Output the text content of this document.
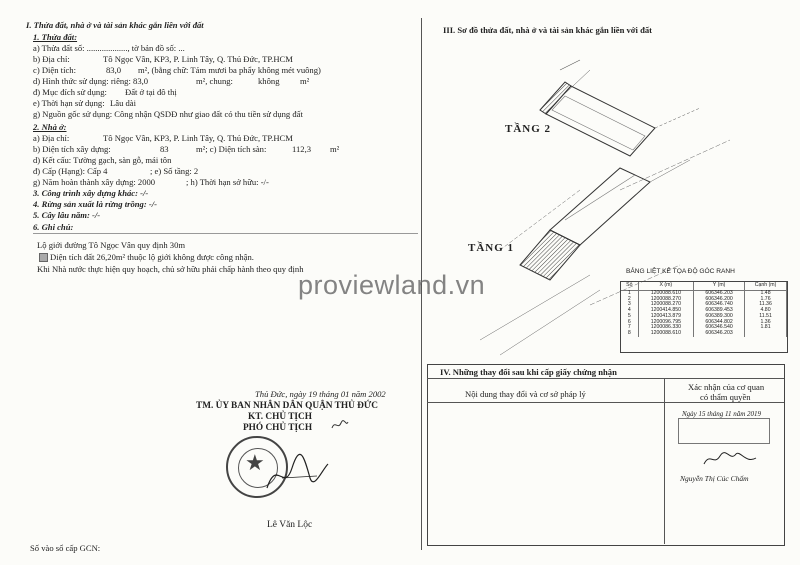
I. Thửa đất, nhà ở và tài sản khác gắn liền với đất
1. Thửa đất:
a) Thửa đất số: ..................., tờ bản đồ số: ...
b) Địa chỉ:	Tô Ngọc Vân, KP3, P. Linh Tây, Q. Thủ Đức, TP.HCM
c) Diện tích:	83,0 m², (bằng chữ: Tám mươi ba phẩy không mét vuông)
d) Hình thức sử dụng: riêng: 83,0	m², chung:	không m²
đ) Mục đích sử dụng: Đất ở tại đô thị
e) Thời hạn sử dụng: Lâu dài
g) Nguồn gốc sử dụng: Công nhận QSDĐ như giao đất có thu tiền sử dụng đất
2. Nhà ở:
a) Địa chỉ:	Tô Ngọc Vân, KP3, P. Linh Tây, Q. Thủ Đức, TP.HCM
b) Diện tích xây dựng:	83	m²; c) Diện tích sàn:	112,3 m²
d) Kết cấu: Tường gạch, sàn gỗ, mái tôn
đ) Cấp (Hạng): Cấp 4	; e) Số tầng: 2
g) Năm hoàn thành xây dựng: 2000	; h) Thời hạn sở hữu: -/-
3. Công trình xây dựng khác: -/-
4. Rừng sản xuất là rừng trồng: -/-
5. Cây lâu năm: -/-
6. Ghi chú:
Lộ giới đường Tô Ngọc Vân quy định 30m
Diện tích đất 26,20m² thuộc lộ giới không được công nhận.
Khi Nhà nước thực hiện quy hoạch, chủ sở hữu phải chấp hành theo quy định
Thủ Đức, ngày 19 tháng 01 năm 2002
TM. ỦY BAN NHÂN DÂN QUẬN THỦ ĐỨC
KT. CHỦ TỊCH
PHÓ CHỦ TỊCH
★
Lê Văn Lộc
Số vào sổ cấp GCN:
III. Sơ đồ thửa đất, nhà ở và tài sản khác gắn liền với đất
TẦNG 2
TẦNG 1
proviewland.vn	BẢNG LIỆT KÊ TỌA ĐỘ GÓC RANH
Số	X (m)	Y (m)	Cạnh (m)
1	1200088.610	606346.203	1.48
2	1200088.270	606346.200	1.76
3	1200088.270	606346.740	11.36
4	1200414.850	606389.453	4.80
5	1200413.879	606389.300	11.51
6	1200096.795	606344.802	1.36
7	1200086.330	606346.540	1.81
8	1200088.610	606346.203	
IV. Những thay đổi sau khi cấp giấy chứng nhận
Nội dung thay đổi và cơ sở pháp lý
Xác nhận của cơ quan
có thẩm quyền
Ngày 15 tháng 11 năm 2019
Nguyễn Thị Cúc Chấm
